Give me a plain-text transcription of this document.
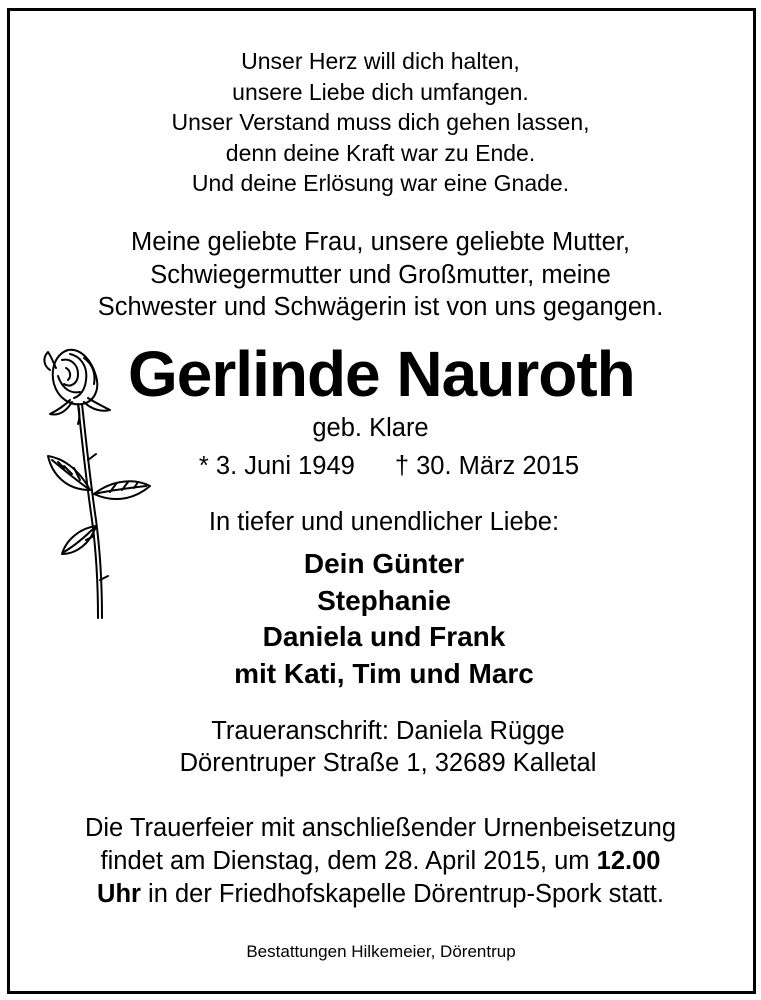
Unser Herz will dich halten,
unsere Liebe dich umfangen.
Unser Verstand muss dich gehen lassen,
denn deine Kraft war zu Ende.
Und deine Erlösung war eine Gnade.
Meine geliebte Frau, unsere geliebte Mutter,
Schwiegermutter und Großmutter, meine
Schwester und Schwägerin ist von uns gegangen.
Gerlinde Nauroth
geb. Klare
* 3. Juni 1949 † 30. März 2015
In tiefer und unendlicher Liebe:
Dein Günter
Stephanie
Daniela und Frank
mit Kati, Tim und Marc
Traueranschrift: Daniela Rügge
Dörentruper Straße 1, 32689 Kalletal
Die Trauerfeier mit anschließender Urnenbeisetzung
findet am Dienstag, dem 28. April 2015, um 12.00
Uhr in der Friedhofskapelle Dörentrup-Spork statt.
Bestattungen Hilkemeier, Dörentrup
